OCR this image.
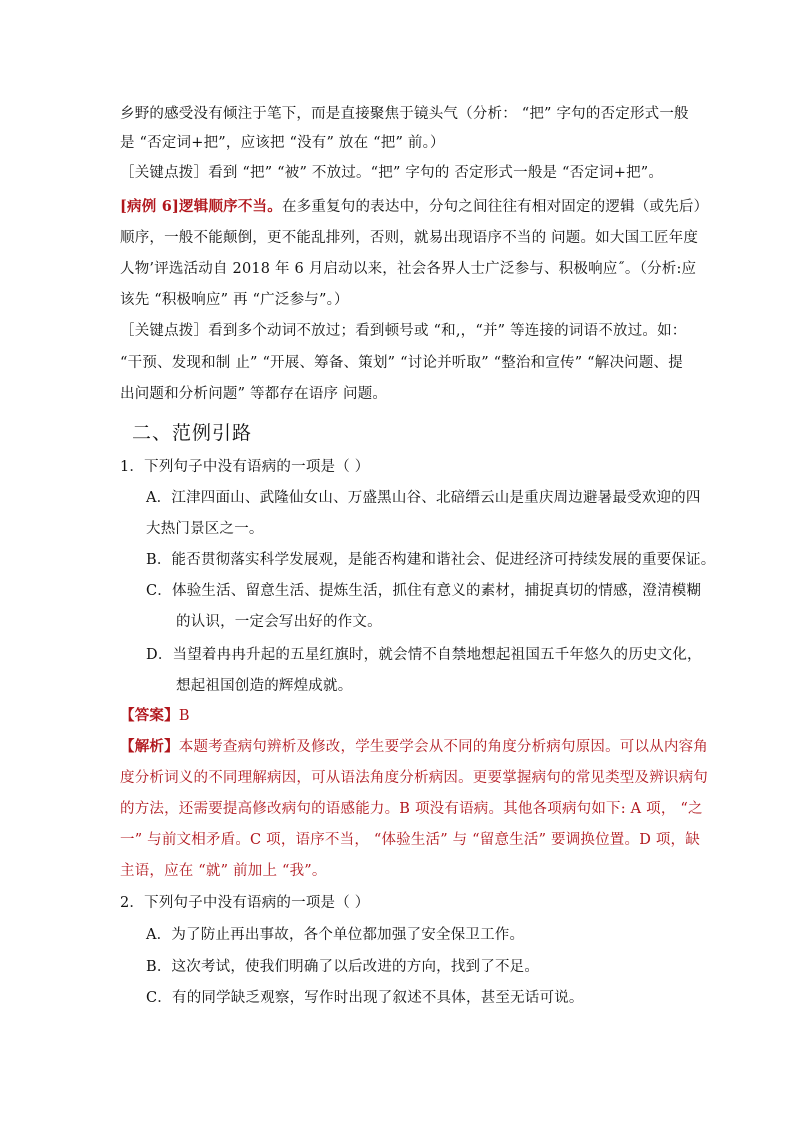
乡野的感受没有倾注于笔下，而是直接聚焦于镜头气（分析： “把” 字句的否定形式一般
是 “否定词+把”，应该把 “没有” 放在 “把” 前。）
［关键点拨］看到 “把” “被” 不放过。“把” 字句的 否定形式一般是 “否定词+把”。
[病例 6]逻辑顺序不当。在多重复句的表达中，分句之间往往有相对固定的逻辑（或先后）
顺序，一般不能颠倒，更不能乱排列，否则，就易出现语序不当的 问题。如大国工匠年度
人物’评选活动自 2018 年 6 月启动以来，社会各界人士广泛参与、积极响应˝。（分析:应
该先 “积极响应” 再 “广泛参与”。）
［关键点拨］看到多个动词不放过；看到顿号或 “和,，“并” 等连接的词语不放过。如：
“干预、发现和制 止” “开展、筹备、策划” “讨论并听取” “整治和宣传” “解决问题、提
出问题和分析问题” 等都存在语序 问题。
二、范例引路
1．下列句子中没有语病的一项是（ ）
A．江津四面山、武隆仙女山、万盛黑山谷、北碚缙云山是重庆周边避暑最受欢迎的四
大热门景区之一。
B．能否贯彻落实科学发展观，是能否构建和谐社会、促进经济可持续发展的重要保证。
C．体验生活、留意生活、提炼生活，抓住有意义的素材，捕捉真切的情感，澄清模糊
的认识，一定会写出好的作文。
D．当望着冉冉升起的五星红旗时，就会情不自禁地想起祖国五千年悠久的历史文化，
想起祖国创造的辉煌成就。
【答案】B
【解析】本题考查病句辨析及修改，学生要学会从不同的角度分析病句原因。可以从内容角
度分析词义的不同理解病因，可从语法角度分析病因。更要掌握病句的常见类型及辨识病句
的方法，还需要提高修改病句的语感能力。B 项没有语病。其他各项病句如下: A 项， “之
一” 与前文相矛盾。C 项，语序不当， “体验生活” 与 “留意生活” 要调换位置。D 项，缺
主语，应在 “就” 前加上 “我”。
2．下列句子中没有语病的一项是（ ）
A．为了防止再出事故，各个单位都加强了安全保卫工作。
B．这次考试，使我们明确了以后改进的方向，找到了不足。
C．有的同学缺乏观察，写作时出现了叙述不具体，甚至无话可说。
